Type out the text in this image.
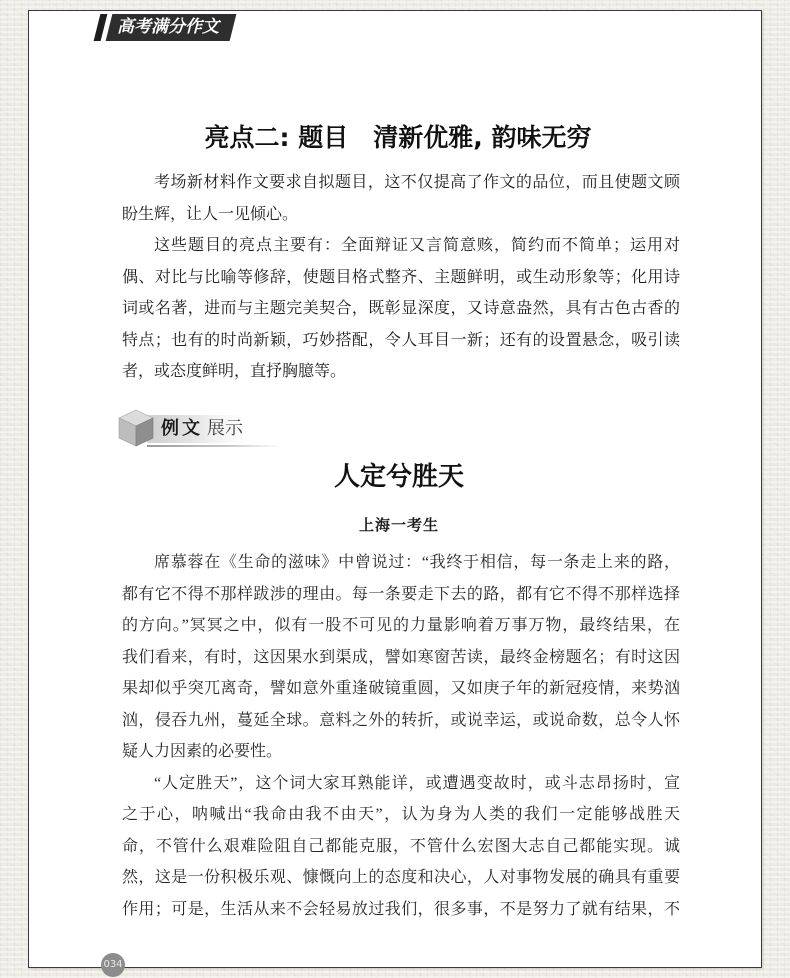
高考满分作文
亮点二: 题目　清新优雅, 韵味无穷
考场新材料作文要求自拟题目，这不仅提高了作文的品位，而且使题文顾
盼生辉，让人一见倾心。
这些题目的亮点主要有：全面辩证又言简意赅，简约而不简单；运用对
偶、对比与比喻等修辞，使题目格式整齐、主题鲜明，或生动形象等；化用诗
词或名著，进而与主题完美契合，既彰显深度，又诗意盎然，具有古色古香的
特点；也有的时尚新颖，巧妙搭配，令人耳目一新；还有的设置悬念，吸引读
者，或态度鲜明，直抒胸臆等。
例文 展示
人定兮胜天
上海一考生
席慕蓉在《生命的滋味》中曾说过：“我终于相信，每一条走上来的路，
都有它不得不那样跋涉的理由。每一条要走下去的路，都有它不得不那样选择
的方向。”冥冥之中，似有一股不可见的力量影响着万事万物，最终结果，在
我们看来，有时，这因果水到渠成，譬如寒窗苦读，最终金榜题名；有时这因
果却似乎突兀离奇，譬如意外重逢破镜重圆，又如庚子年的新冠疫情，来势汹
汹，侵吞九州，蔓延全球。意料之外的转折，或说幸运，或说命数，总令人怀
疑人力因素的必要性。
“人定胜天”，这个词大家耳熟能详，或遭遇变故时，或斗志昂扬时，宣
之于心，呐喊出“我命由我不由天”，认为身为人类的我们一定能够战胜天
命，不管什么艰难险阻自己都能克服，不管什么宏图大志自己都能实现。诚
然，这是一份积极乐观、慷慨向上的态度和决心，人对事物发展的确具有重要
作用；可是，生活从来不会轻易放过我们，很多事，不是努力了就有结果，不
034
